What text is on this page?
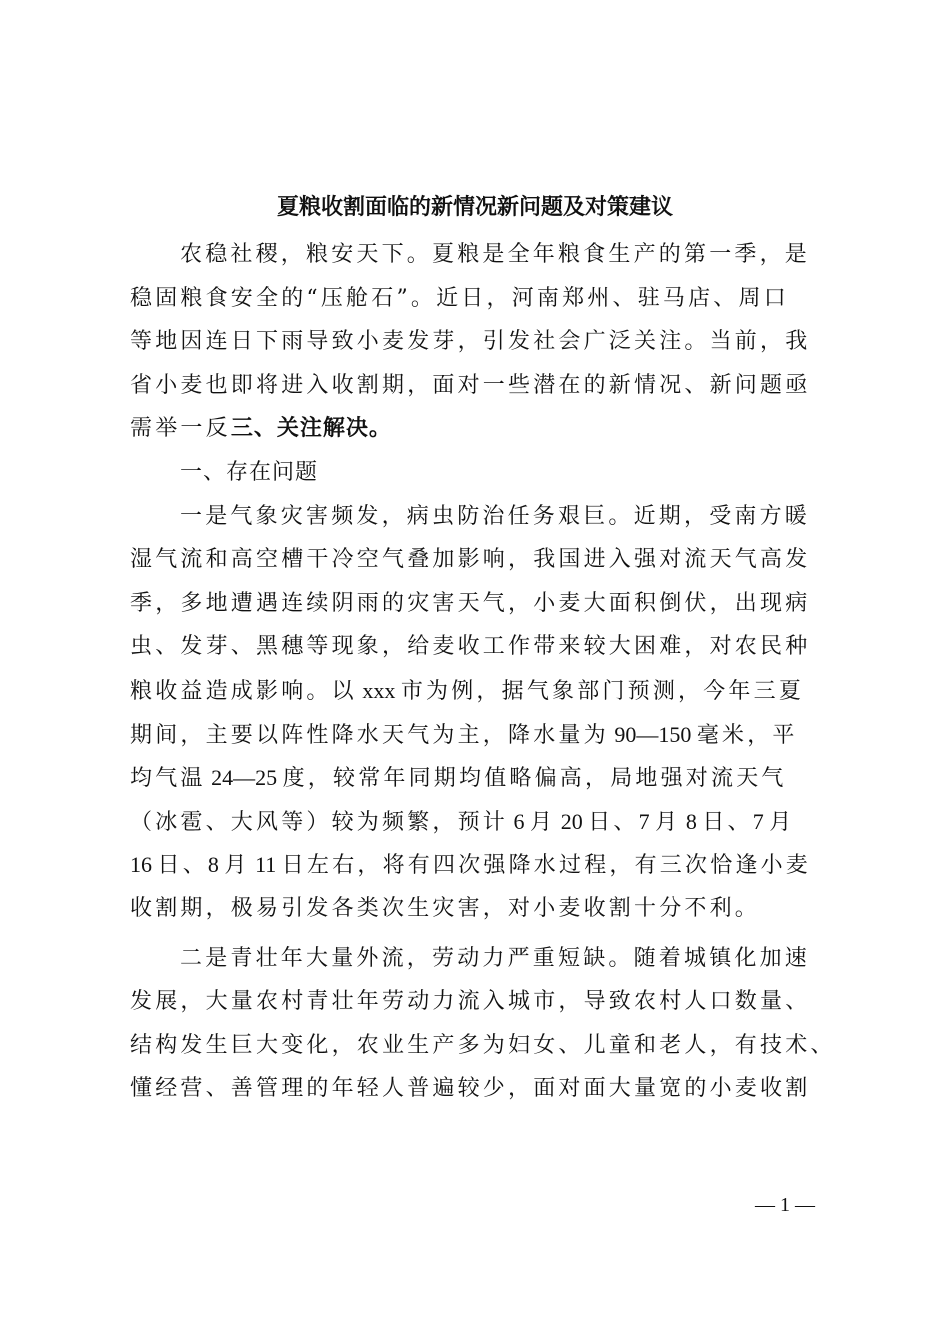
夏粮收割面临的新情况新问题及对策建议
农稳社稷，粮安天下。夏粮是全年粮食生产的第一季，是
稳固粮食安全的“压舱石”。近日，河南郑州、驻马店、周口
等地因连日下雨导致小麦发芽，引发社会广泛关注。当前，我
省小麦也即将进入收割期，面对一些潜在的新情况、新问题亟
需举一反三、关注解决。
一、存在问题
一是气象灾害频发，病虫防治任务艰巨。近期，受南方暖
湿气流和高空槽干冷空气叠加影响，我国进入强对流天气高发
季，多地遭遇连续阴雨的灾害天气，小麦大面积倒伏，出现病
虫、发芽、黑穗等现象，给麦收工作带来较大困难，对农民种
粮收益造成影响。以 xxx 市为例，据气象部门预测，今年三夏
期间，主要以阵性降水天气为主，降水量为 90—150 毫米，平
均气温 24—25 度，较常年同期均值略偏高，局地强对流天气
（冰雹、大风等）较为频繁，预计 6 月 20 日、7 月 8 日、7 月
16 日、8 月 11 日左右，将有四次强降水过程，有三次恰逢小麦
收割期，极易引发各类次生灾害，对小麦收割十分不利。
二是青壮年大量外流，劳动力严重短缺。随着城镇化加速
发展，大量农村青壮年劳动力流入城市，导致农村人口数量、
结构发生巨大变化，农业生产多为妇女、儿童和老人，有技术、
懂经营、善管理的年轻人普遍较少，面对面大量宽的小麦收割
— 1 —
